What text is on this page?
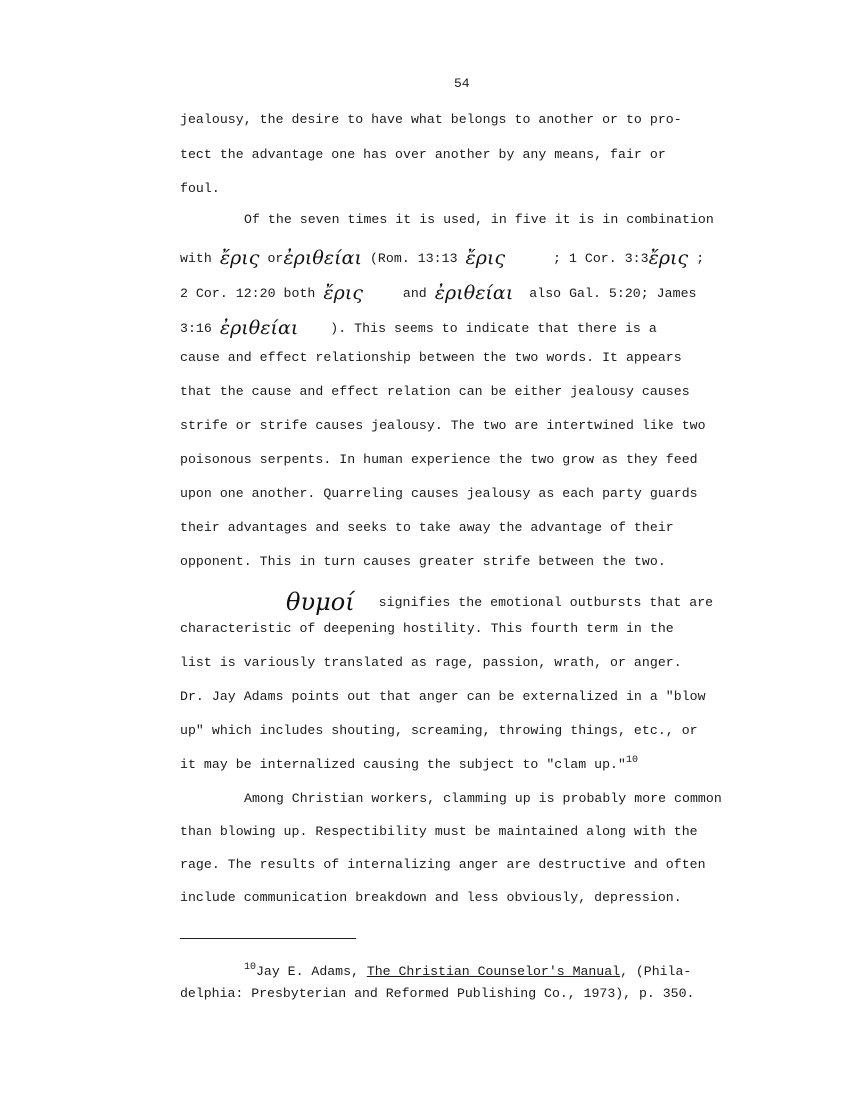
54
jealousy, the desire to have what belongs to another or to pro-
tect the advantage one has over another by any means, fair or
foul.
Of the seven times it is used, in five it is in combination
with ἔρις orἐριθείαι (Rom. 13:13 ἔρις	; 1 Cor. 3:3ἔρις ;
2 Cor. 12:20 both ἔρις	and ἐριθείαι also Gal. 5:20; James
3:16 ἐριθείαι ). This seems to indicate that there is a
cause and effect relationship between the two words. It appears
that the cause and effect relation can be either jealousy causes
strife or strife causes jealousy. The two are intertwined like two
poisonous serpents. In human experience the two grow as they feed
upon one another. Quarreling causes jealousy as each party guards
their advantages and seeks to take away the advantage of their
opponent. This in turn causes greater strife between the two.
θυμοί signifies the emotional outbursts that are
characteristic of deepening hostility. This fourth term in the
list is variously translated as rage, passion, wrath, or anger.
Dr. Jay Adams points out that anger can be externalized in a "blow
up" which includes shouting, screaming, throwing things, etc., or
it may be internalized causing the subject to "clam up."$^{10}$
Among Christian workers, clamming up is probably more common
than blowing up. Respectibility must be maintained along with the
rage. The results of internalizing anger are destructive and often
include communication breakdown and less obviously, depression.
$^{10}$Jay E. Adams, The Christian Counselor's Manual, (Phila-
delphia: Presbyterian and Reformed Publishing Co., 1973), p. 350.
